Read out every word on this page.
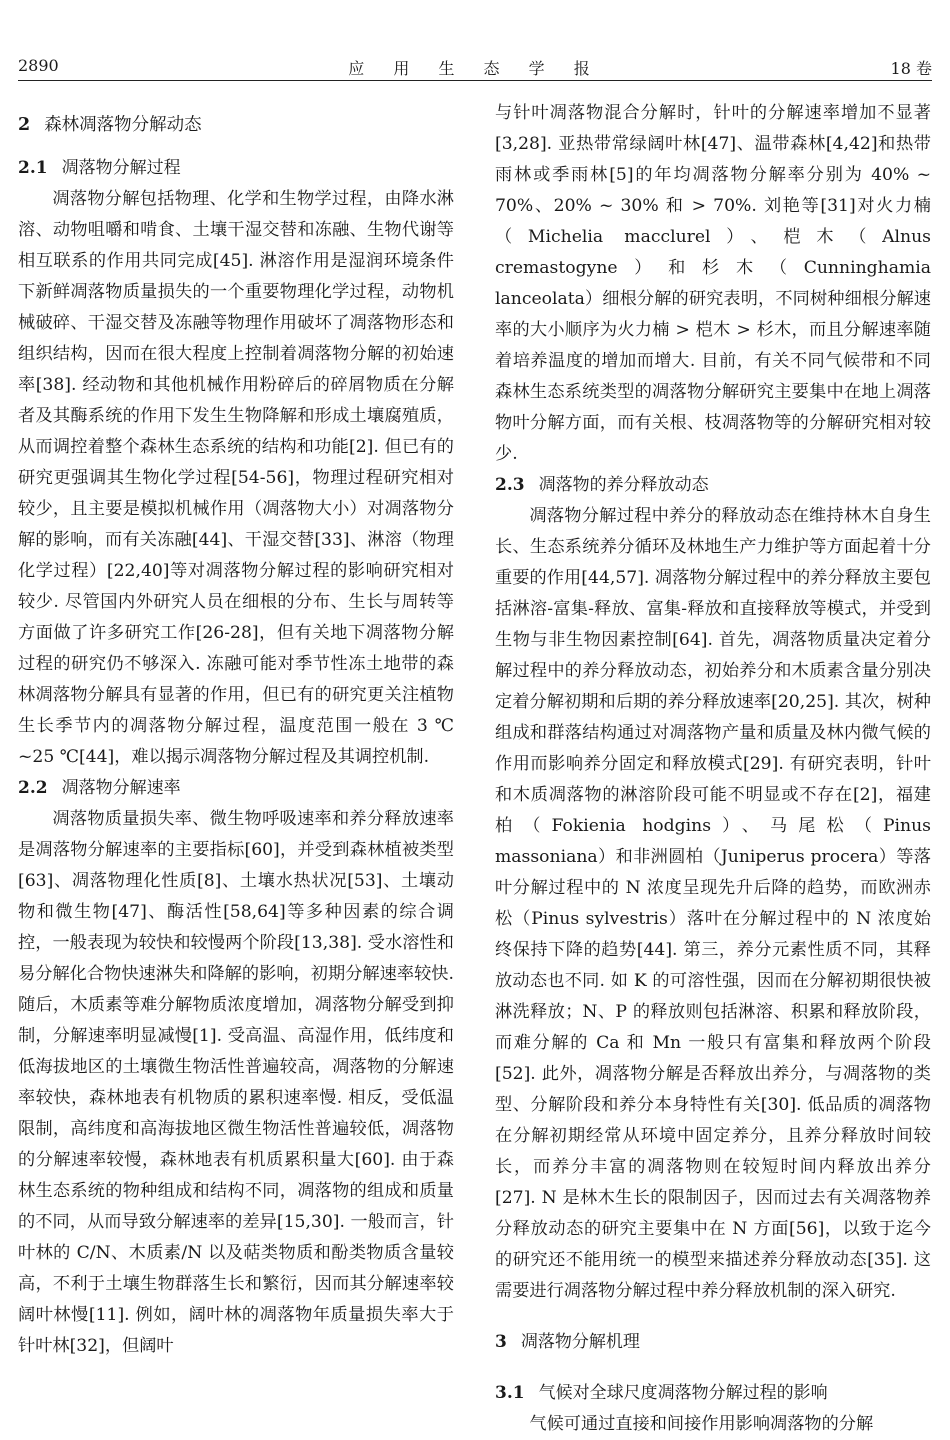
2890	应 用 生 态 学 报	18 卷
2 森林凋落物分解动态
2.1 凋落物分解过程

凋落物分解包括物理、化学和生物学过程，由降水淋溶、动物咀嚼和啃食、土壤干湿交替和冻融、生物代谢等相互联系的作用共同完成[45]. 淋溶作用是湿润环境条件下新鲜凋落物质量损失的一个重要物理化学过程，动物机械破碎、干湿交替及冻融等物理作用破坏了凋落物形态和组织结构，因而在很大程度上控制着凋落物分解的初始速率[38]. 经动物和其他机械作用粉碎后的碎屑物质在分解者及其酶系统的作用下发生生物降解和形成土壤腐殖质，从而调控着整个森林生态系统的结构和功能[2]. 但已有的研究更强调其生物化学过程[54-56]，物理过程研究相对较少，且主要是模拟机械作用（凋落物大小）对凋落物分解的影响，而有关冻融[44]、干湿交替[33]、淋溶（物理化学过程）[22,40]等对凋落物分解过程的影响研究相对较少. 尽管国内外研究人员在细根的分布、生长与周转等方面做了许多研究工作[26-28]，但有关地下凋落物分解过程的研究仍不够深入. 冻融可能对季节性冻土地带的森林凋落物分解具有显著的作用，但已有的研究更关注植物生长季节内的凋落物分解过程，温度范围一般在 3 ℃ ~25 ℃[44]，难以揭示凋落物分解过程及其调控机制.

2.2 凋落物分解速率

凋落物质量损失率、微生物呼吸速率和养分释放速率是凋落物分解速率的主要指标[60]，并受到森林植被类型[63]、凋落物理化性质[8]、土壤水热状况[53]、土壤动物和微生物[47]、酶活性[58,64]等多种因素的综合调控，一般表现为较快和较慢两个阶段[13,38]. 受水溶性和易分解化合物快速淋失和降解的影响，初期分解速率较快. 随后，木质素等难分解物质浓度增加，凋落物分解受到抑制，分解速率明显减慢[1]. 受高温、高湿作用，低纬度和低海拔地区的土壤微生物活性普遍较高，凋落物的分解速率较快，森林地表有机物质的累积速率慢. 相反，受低温限制，高纬度和高海拔地区微生物活性普遍较低，凋落物的分解速率较慢，森林地表有机质累积量大[60]. 由于森林生态系统的物种组成和结构不同，凋落物的组成和质量的不同，从而导致分解速率的差异[15,30]. 一般而言，针叶林的 C/N、木质素/N 以及萜类物质和酚类物质含量较高，不利于土壤生物群落生长和繁衍，因而其分解速率较阔叶林慢[11]. 例如，阔叶林的凋落物年质量损失率大于针叶林[32]，但阔叶

与针叶凋落物混合分解时，针叶的分解速率增加不显著[3,28]. 亚热带常绿阔叶林[47]、温带森林[4,42]和热带雨林或季雨林[5]的年均凋落物分解率分别为 40% ~ 70%、20% ~ 30% 和 > 70%. 刘艳等[31]对火力楠（Michelia macclurel）、桤木（Alnus cremastogyne）和杉木（Cunninghamia lanceolata）细根分解的研究表明，不同树种细根分解速率的大小顺序为火力楠 > 桤木 > 杉木，而且分解速率随着培养温度的增加而增大. 目前，有关不同气候带和不同森林生态系统类型的凋落物分解研究主要集中在地上凋落物叶分解方面，而有关根、枝凋落物等的分解研究相对较少.

2.3 凋落物的养分释放动态

凋落物分解过程中养分的释放动态在维持林木自身生长、生态系统养分循环及林地生产力维护等方面起着十分重要的作用[44,57]. 凋落物分解过程中的养分释放主要包括淋溶-富集-释放、富集-释放和直接释放等模式，并受到生物与非生物因素控制[64]. 首先，凋落物质量决定着分解过程中的养分释放动态，初始养分和木质素含量分别决定着分解初期和后期的养分释放速率[20,25]. 其次，树种组成和群落结构通过对凋落物产量和质量及林内微气候的作用而影响养分固定和释放模式[29]. 有研究表明，针叶和木质凋落物的淋溶阶段可能不明显或不存在[2]，福建柏（Fokienia hodgins）、马尾松（Pinus massoniana）和非洲圆柏（Juniperus procera）等落叶分解过程中的 N 浓度呈现先升后降的趋势，而欧洲赤松（Pinus sylvestris）落叶在分解过程中的 N 浓度始终保持下降的趋势[44]. 第三，养分元素性质不同，其释放动态也不同. 如 K 的可溶性强，因而在分解初期很快被淋洗释放；N、P 的释放则包括淋溶、积累和释放阶段，而难分解的 Ca 和 Mn 一般只有富集和释放两个阶段[52]. 此外，凋落物分解是否释放出养分，与凋落物的类型、分解阶段和养分本身特性有关[30]. 低品质的凋落物在分解初期经常从环境中固定养分，且养分释放时间较长，而养分丰富的凋落物则在较短时间内释放出养分[27]. N 是林木生长的限制因子，因而过去有关凋落物养分释放动态的研究主要集中在 N 方面[56]，以致于迄今的研究还不能用统一的模型来描述养分释放动态[35]. 这需要进行凋落物分解过程中养分释放机制的深入研究.

3 凋落物分解机理
3.1 气候对全球尺度凋落物分解过程的影响

气候可通过直接和间接作用影响凋落物的分解
